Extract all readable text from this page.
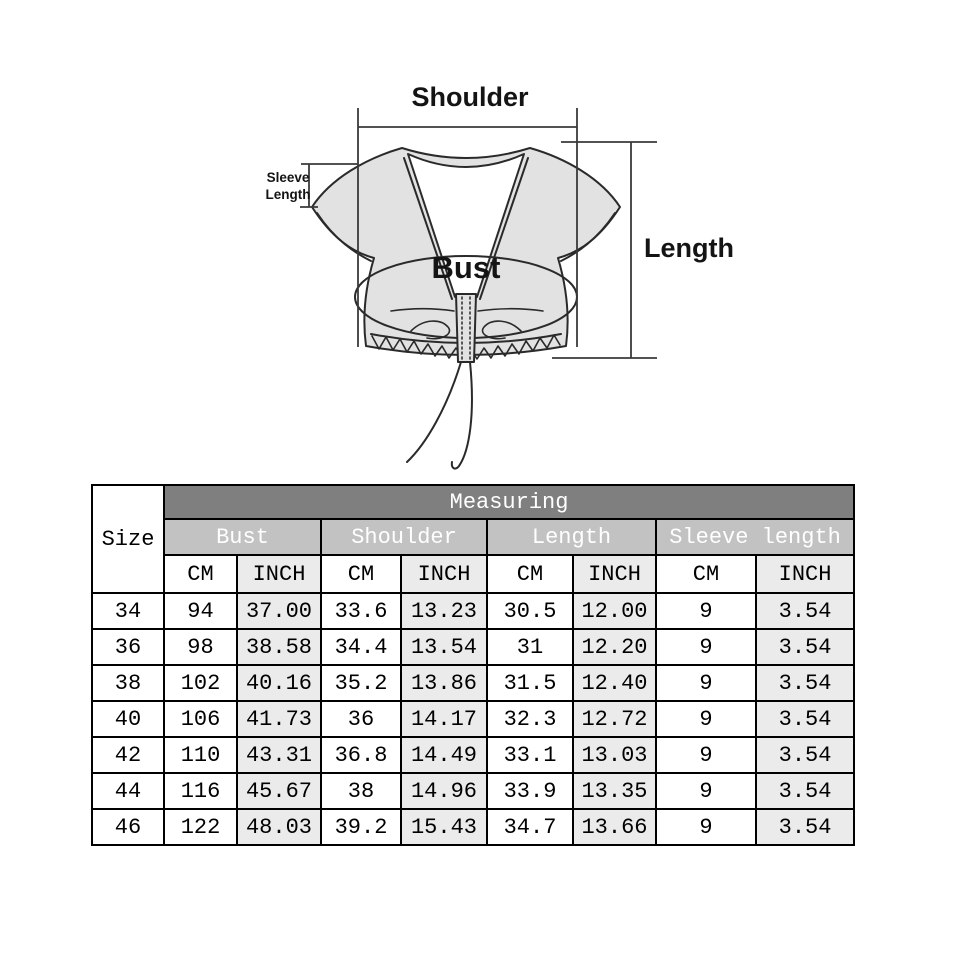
Shoulder
Sleeve
Length
Bust
Length
Size	Measuring							
	Bust		Shoulder		Length		Sleeve length	
	CM	INCH	CM	INCH	CM	INCH	CM	INCH
34	94	37.00	33.6	13.23	30.5	12.00	9	3.54
36	98	38.58	34.4	13.54	31	12.20	9	3.54
38	102	40.16	35.2	13.86	31.5	12.40	9	3.54
40	106	41.73	36	14.17	32.3	12.72	9	3.54
42	110	43.31	36.8	14.49	33.1	13.03	9	3.54
44	116	45.67	38	14.96	33.9	13.35	9	3.54
46	122	48.03	39.2	15.43	34.7	13.66	9	3.54
